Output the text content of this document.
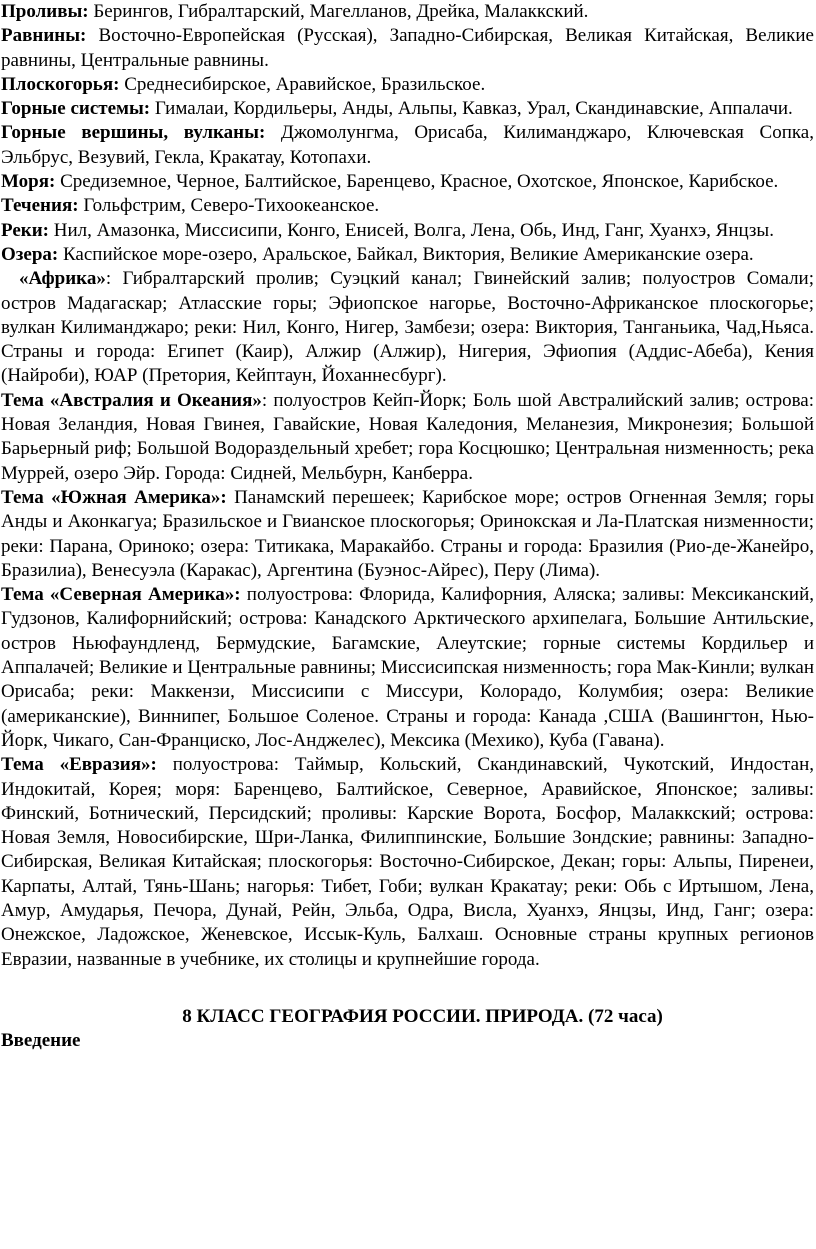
Проливы: Берингов, Гибралтарский, Магелланов, Дрейка, Малаккский.

Равнины: Восточно-Европейская (Русская), Западно-Сибирская, Великая Китайская, Великие равнины, Центральные равнины.

Плоскогорья: Среднесибирское, Аравийское, Бразильское.

Горные системы: Гималаи, Кордильеры, Анды, Альпы, Кавказ, Урал, Скандинавские, Аппалачи.

Горные вершины, вулканы: Джомолунгма, Орисаба, Килиманджаро, Ключевская Сопка, Эльбрус, Везувий, Гекла, Кракатау, Котопахи.

Моря: Средиземное, Черное, Балтийское, Баренцево, Красное, Охотское, Японское, Карибское.

Течения: Гольфстрим, Северо-Тихоокеанское.

Реки: Нил, Амазонка, Миссисипи, Конго, Енисей, Волга, Лена, Обь, Инд, Ганг, Хуанхэ, Янцзы.

Озера: Каспийское море-озеро, Аральское, Байкал, Виктория, Великие Американские озера.

«Африка»: Гибралтарский пролив; Суэцкий канал; Гвинейский залив; полуостров Сомали; остров Мадагаскар; Атласские горы; Эфиопское нагорье, Восточно-Африканское плоскогорье; вулкан Килиманджаро; реки: Нил, Конго, Нигер, Замбези; озера: Виктория, Танганьика, Чад,Ньяса. Страны и города: Египет (Каир), Алжир (Алжир), Нигерия, Эфиопия (Аддис-Абеба), Кения (Найроби), ЮАР (Претория, Кейптаун, Йоханнесбург).

Тема «Австралия и Океания»: полуостров Кейп-Йорк; Боль шой Австралийский залив; острова: Новая Зеландия, Новая Гвинея, Гавайские, Новая Каледония, Меланезия, Микронезия; Большой Барьерный риф; Большой Водораздельный хребет; гора Косцюшко; Центральная низменность; река Муррей, озеро Эйр. Города: Сидней, Мельбурн, Канберра.

Тема «Южная Америка»: Панамский перешеек; Карибское море; остров Огненная Земля; горы Анды и Аконкагуа; Бразильское и Гвианское плоскогорья; Оринокская и Ла-Платская низменности; реки: Парана, Ориноко; озера: Титикака, Маракайбо. Страны и города: Бразилия (Рио-де-Жанейро, Бразилиа), Венесуэла (Каракас), Аргентина (Буэнос-Айрес), Перу (Лима).

Тема «Северная Америка»: полуострова: Флорида, Калифорния, Аляска; заливы: Мексиканский, Гудзонов, Калифорнийский; острова: Канадского Арктического архипелага, Большие Антильские, остров Ньюфаундленд, Бермудские, Багамские, Алеутские; горные системы Кордильер и Аппалачей; Великие и Центральные равнины; Миссисипская низменность; гора Мак-Кинли; вулкан Орисаба; реки: Маккензи, Миссисипи с Миссури, Колорадо, Колумбия; озера: Великие (американские), Виннипег, Большое Соленое. Страны и города: Канада ,США (Вашингтон, Нью-Йорк, Чикаго, Сан-Франциско, Лос-Анджелес), Мексика (Мехико), Куба (Гавана).

Тема «Евразия»: полуострова: Таймыр, Кольский, Скандинавский, Чукотский, Индостан, Индокитай, Корея; моря: Баренцево, Балтийское, Северное, Аравийское, Японское; заливы: Финский, Ботнический, Персидский; проливы: Карские Ворота, Босфор, Малаккский; острова: Новая Земля, Новосибирские, Шри-Ланка, Филиппинские, Большие Зондские; равнины: Западно-Сибирская, Великая Китайская; плоскогорья: Восточно-Сибирское, Декан; горы: Альпы, Пиренеи, Карпаты, Алтай, Тянь-Шань; нагорья: Тибет, Гоби; вулкан Кракатау; реки: Обь с Иртышом, Лена, Амур, Амударья, Печора, Дунай, Рейн, Эльба, Одра, Висла, Хуанхэ, Янцзы, Инд, Ганг; озера: Онежское, Ладожское, Женевское, Иссык-Куль, Балхаш. Основные страны крупных регионов Евразии, названные в учебнике, их столицы и крупнейшие города.

8 КЛАСС ГЕОГРАФИЯ РОССИИ. ПРИРОДА. (72 часа)

Введение
